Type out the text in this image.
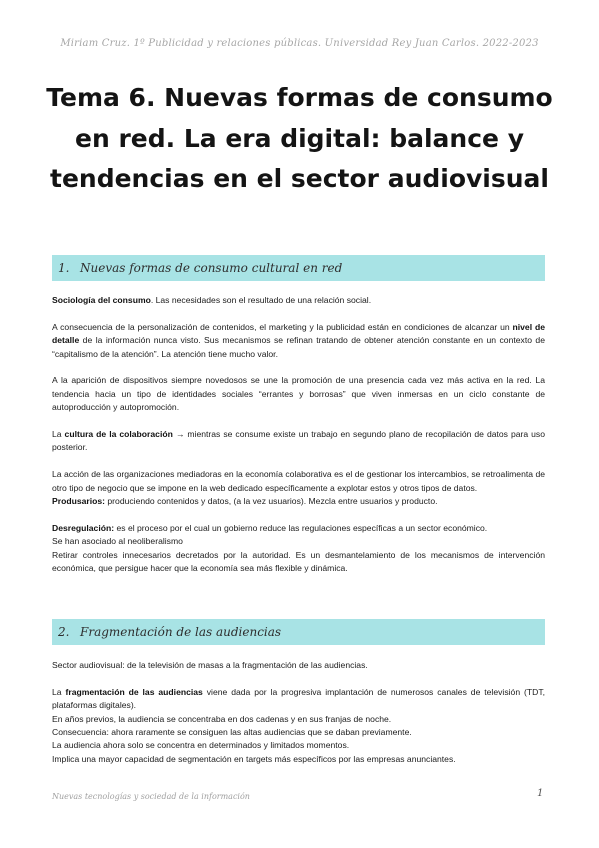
Miriam Cruz. 1º Publicidad y relaciones públicas. Universidad Rey Juan Carlos. 2022-2023
Tema 6. Nuevas formas de consumo en red. La era digital: balance y tendencias en el sector audiovisual
1. Nuevas formas de consumo cultural en red

Sociología del consumo. Las necesidades son el resultado de una relación social.

A consecuencia de la personalización de contenidos, el marketing y la publicidad están en condiciones de alcanzar un nivel de detalle de la información nunca visto. Sus mecanismos se refinan tratando de obtener atención constante en un contexto de “capitalismo de la atención”. La atención tiene mucho valor.

A la aparición de dispositivos siempre novedosos se une la promoción de una presencia cada vez más activa en la red. La tendencia hacia un tipo de identidades sociales “errantes y borrosas” que viven inmersas en un ciclo constante de autoproducción y autopromoción.

La cultura de la colaboración → mientras se consume existe un trabajo en segundo plano de recopilación de datos para uso posterior.

La acción de las organizaciones mediadoras en la economía colaborativa es el de gestionar los intercambios, se retroalimenta de otro tipo de negocio que se impone en la web dedicado específicamente a explotar estos y otros tipos de datos.

Produsarios: produciendo contenidos y datos, (a la vez usuarios). Mezcla entre usuarios y producto.

Desregulación: es el proceso por el cual un gobierno reduce las regulaciones específicas a un sector económico.

Se han asociado al neoliberalismo

Retirar controles innecesarios decretados por la autoridad. Es un desmantelamiento de los mecanismos de intervención económica, que persigue hacer que la economía sea más flexible y dinámica.

2. Fragmentación de las audiencias

Sector audiovisual: de la televisión de masas a la fragmentación de las audiencias.

La fragmentación de las audiencias viene dada por la progresiva implantación de numerosos canales de televisión (TDT, plataformas digitales).

En años previos, la audiencia se concentraba en dos cadenas y en sus franjas de noche.

Consecuencia: ahora raramente se consiguen las altas audiencias que se daban previamente.

La audiencia ahora solo se concentra en determinados y limitados momentos.

Implica una mayor capacidad de segmentación en targets más específicos por las empresas anunciantes.

Nuevas tecnologías y sociedad de la información	1
